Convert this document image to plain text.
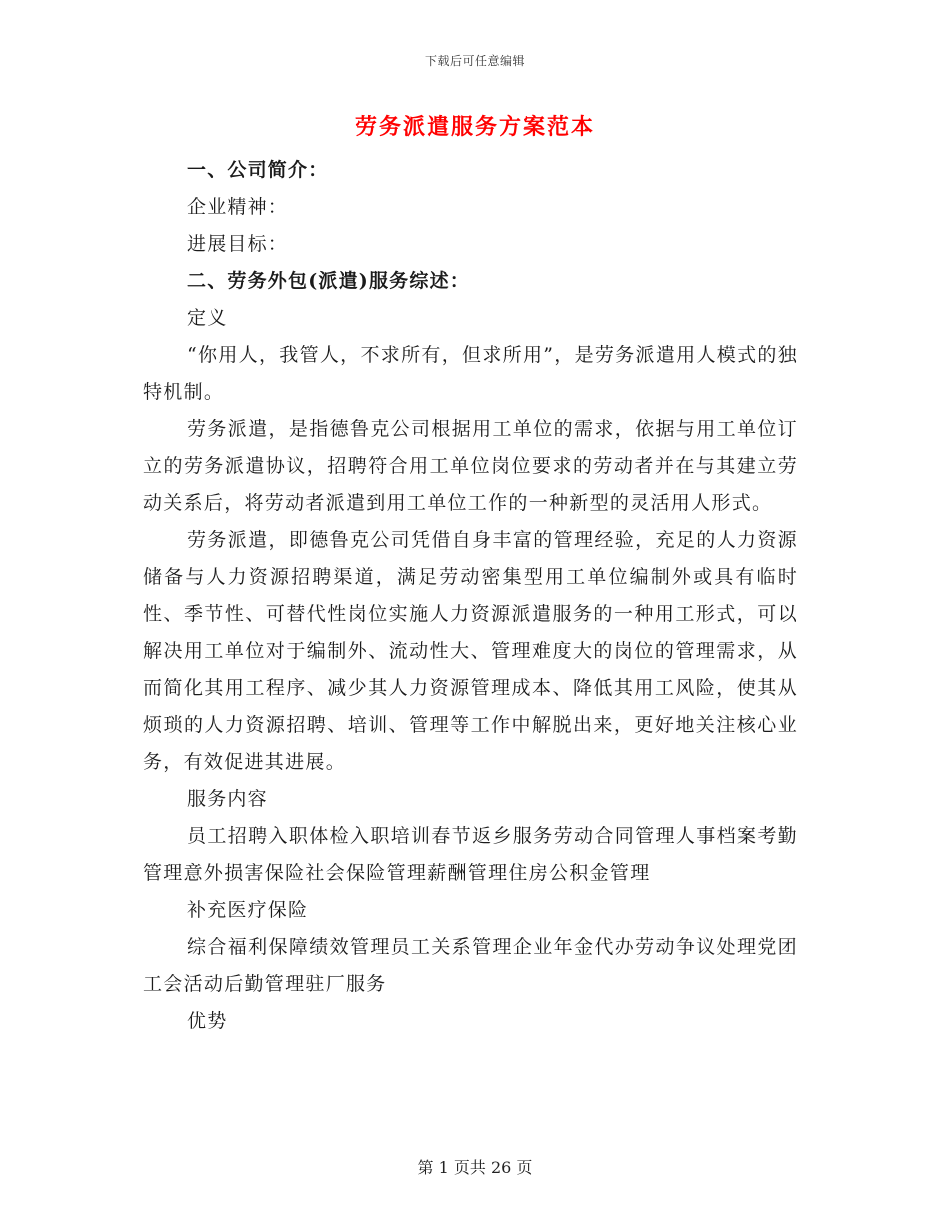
下载后可任意编辑
劳务派遣服务方案范本
一、公司简介：
企业精神：
进展目标：
二、劳务外包(派遣)服务综述：
定义
“你用人，我管人，不求所有，但求所用”，是劳务派遣用人模式的独特机制。
劳务派遣，是指德鲁克公司根据用工单位的需求，依据与用工单位订立的劳务派遣协议，招聘符合用工单位岗位要求的劳动者并在与其建立劳动关系后，将劳动者派遣到用工单位工作的一种新型的灵活用人形式。
劳务派遣，即德鲁克公司凭借自身丰富的管理经验，充足的人力资源储备与人力资源招聘渠道，满足劳动密集型用工单位编制外或具有临时性、季节性、可替代性岗位实施人力资源派遣服务的一种用工形式，可以解决用工单位对于编制外、流动性大、管理难度大的岗位的管理需求，从而简化其用工程序、减少其人力资源管理成本、降低其用工风险，使其从烦琐的人力资源招聘、培训、管理等工作中解脱出来，更好地关注核心业务，有效促进其进展。
服务内容
员工招聘入职体检入职培训春节返乡服务劳动合同管理人事档案考勤管理意外损害保险社会保险管理薪酬管理住房公积金管理
补充医疗保险
综合福利保障绩效管理员工关系管理企业年金代办劳动争议处理党团工会活动后勤管理驻厂服务
优势
第 1 页共 26 页
